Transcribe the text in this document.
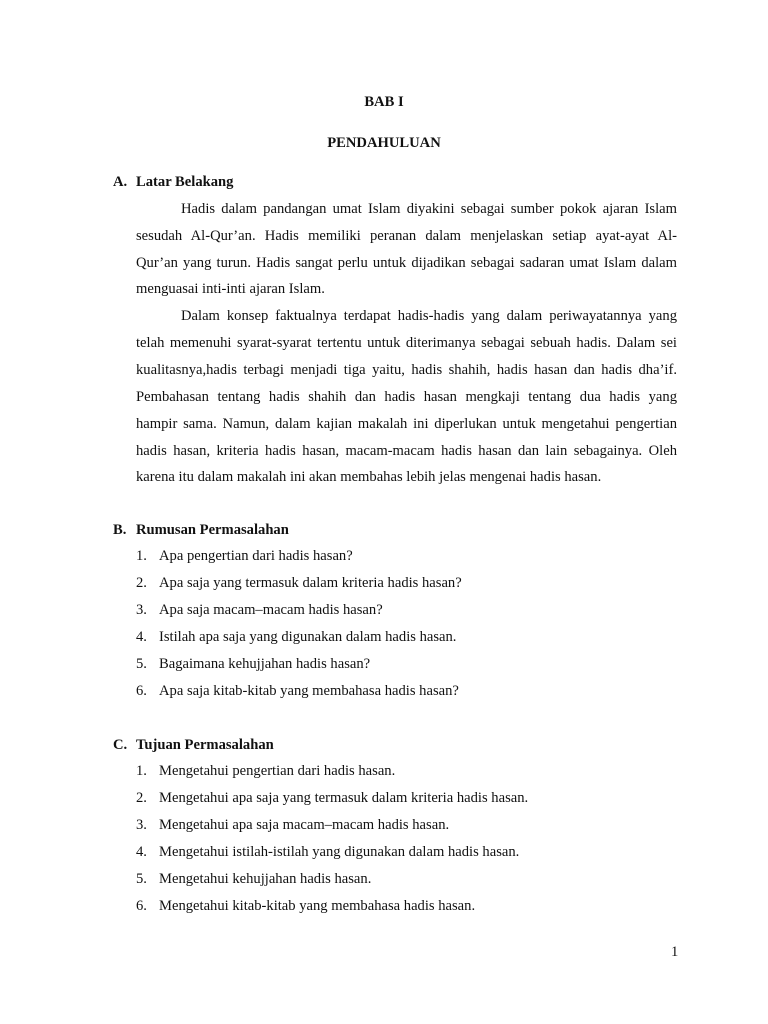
BAB I
PENDAHULUAN
A. Latar Belakang
Hadis dalam pandangan umat Islam diyakini sebagai sumber pokok ajaran Islam
sesudah Al-Qur’an. Hadis memiliki peranan dalam menjelaskan setiap ayat-ayat Al-
Qur’an yang turun. Hadis sangat perlu untuk dijadikan sebagai sadaran umat Islam dalam
menguasai inti-inti ajaran Islam.
Dalam konsep faktualnya terdapat hadis-hadis yang dalam periwayatannya yang
telah memenuhi syarat-syarat tertentu untuk diterimanya sebagai sebuah hadis. Dalam sei
kualitasnya,hadis terbagi menjadi tiga yaitu, hadis shahih, hadis hasan dan hadis dha’if.
Pembahasan tentang hadis shahih dan hadis hasan mengkaji tentang dua hadis yang
hampir sama. Namun, dalam kajian makalah ini diperlukan untuk mengetahui pengertian
hadis hasan, kriteria hadis hasan, macam-macam hadis hasan dan lain sebagainya. Oleh
karena itu dalam makalah ini akan membahas lebih jelas mengenai hadis hasan.
B. Rumusan Permasalahan
1. Apa pengertian dari hadis hasan?
2. Apa saja yang termasuk dalam kriteria hadis hasan?
3. Apa saja macam–macam hadis hasan?
4. Istilah apa saja yang digunakan dalam hadis hasan.
5. Bagaimana kehujjahan hadis hasan?
6. Apa saja kitab-kitab yang membahasa hadis hasan?
C. Tujuan Permasalahan
1. Mengetahui pengertian dari hadis hasan.
2. Mengetahui apa saja yang termasuk dalam kriteria hadis hasan.
3. Mengetahui apa saja macam–macam hadis hasan.
4. Mengetahui istilah-istilah yang digunakan dalam hadis hasan.
5. Mengetahui kehujjahan hadis hasan.
6. Mengetahui kitab-kitab yang membahasa hadis hasan.
1
